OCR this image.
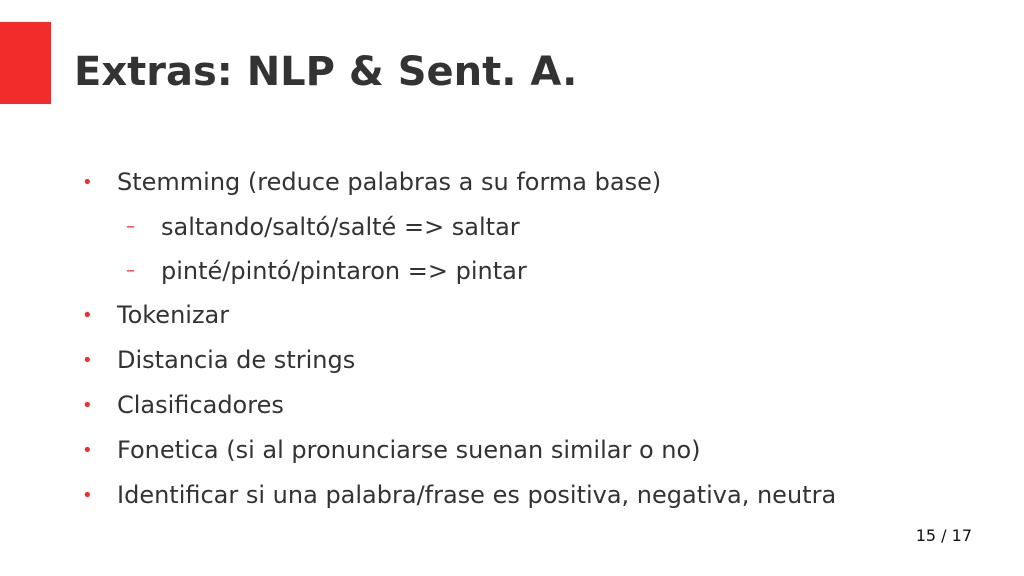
Extras: NLP & Sent. A.
• Stemming (reduce palabras a su forma base)
– saltando/saltó/salté => saltar
– pinté/pintó/pintaron => pintar
• Tokenizar
• Distancia de strings
• Clasificadores
• Fonetica (si al pronunciarse suenan similar o no)
• Identificar si una palabra/frase es positiva, negativa, neutra
15 / 17
